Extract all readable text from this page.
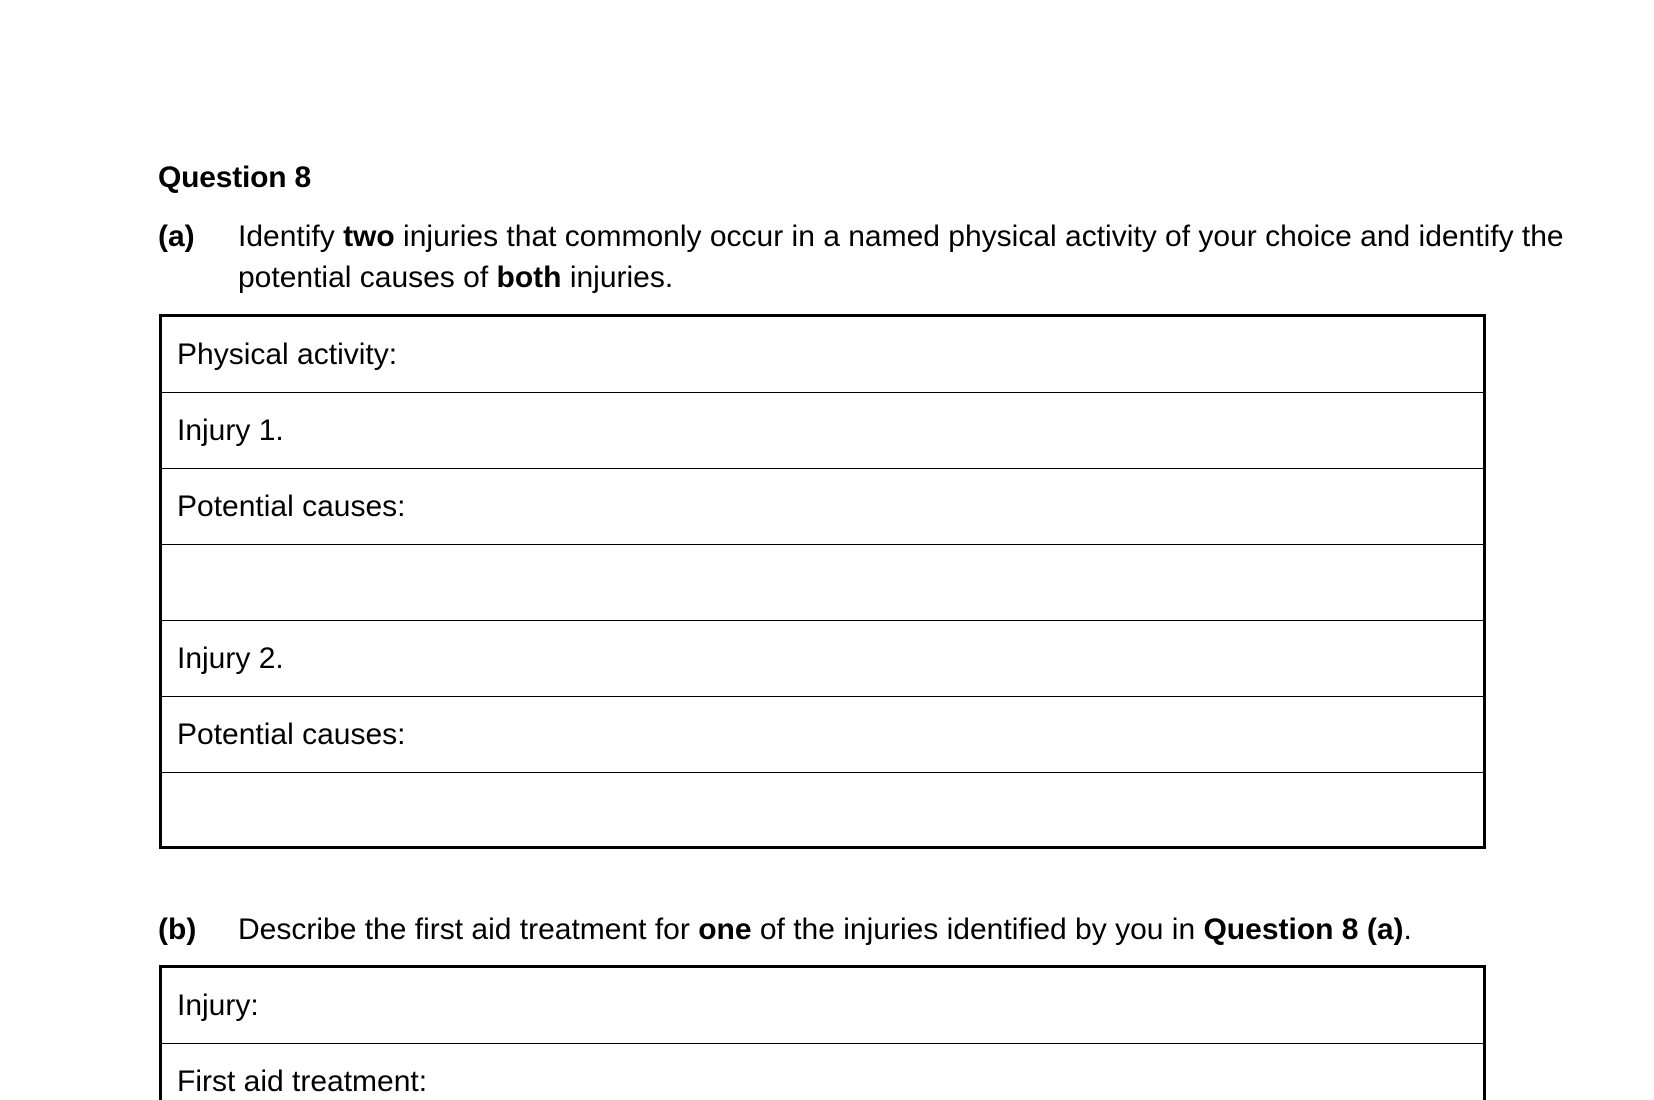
Question 8
(a) Identify two injuries that commonly occur in a named physical activity of your choice and identify the potential causes of both injuries.
Physical activity:
Injury 1.
Potential causes:
Injury 2.
Potential causes:
(b) Describe the first aid treatment for one of the injuries identified by you in Question 8 (a).
Injury:
First aid treatment:
